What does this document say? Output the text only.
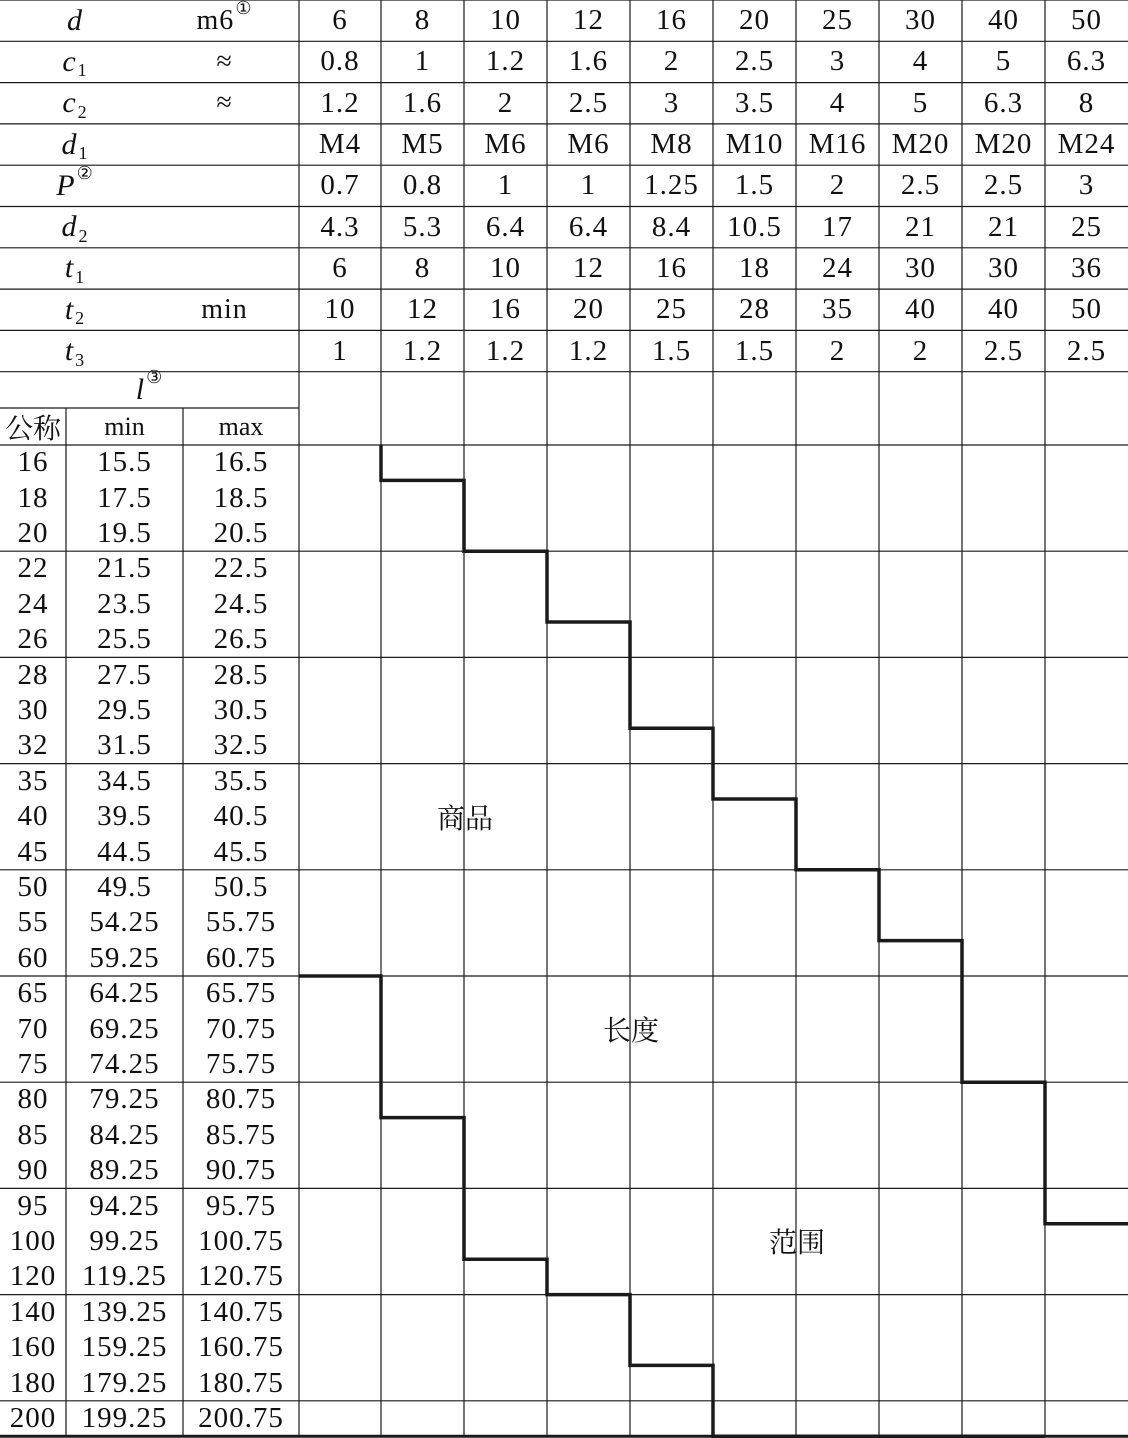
d	m6 ①	6 8 10 12 16 20 25 30 40 50
c 1	≈	0.8 1 1.2 1.6 2 2.5 3 4 5 6.3
c 2	≈	1.2 1.6 2 2.5 3 3.5 4 5 6.3 8
d 1	M4 M5 M6 M6 M8 M10 M16 M20 M20 M24
P ②	0.7 0.8 1 1 1.25 1.5 2 2.5 2.5 3
d 2	4.3 5.3 6.4 6.4 8.4 10.5 17 21 21 25
t 1	6 8 10 12 16 18 24 30 30 36
t 2	min	10 12 16 20 25 28 35 40 40 50
t 3	1 1.2 1.2 1.2 1.5 1.5 2 2 2.5 2.5
l ③
公称 min	max
16 15.5 16.5
18 17.5 18.5
20 19.5 20.5
22 21.5 22.5
24 23.5 24.5
26 25.5 26.5
28 27.5 28.5
30 29.5 30.5
32 31.5 32.5
35 34.5 35.5
40 39.5 40.5
45 44.5 45.5
50 49.5 50.5
55 54.25 55.75
60 59.25 60.75
65 64.25 65.75
70 69.25 70.75
75 74.25 75.75
80 79.25 80.75
85 84.25 85.75
90 89.25 90.75
95 94.25 95.75
100 99.25 100.75
120 119.25 120.75
140 139.25 140.75
160 159.25 160.75
180 179.25 180.75
200 199.25 200.75
商品
长度
范围
